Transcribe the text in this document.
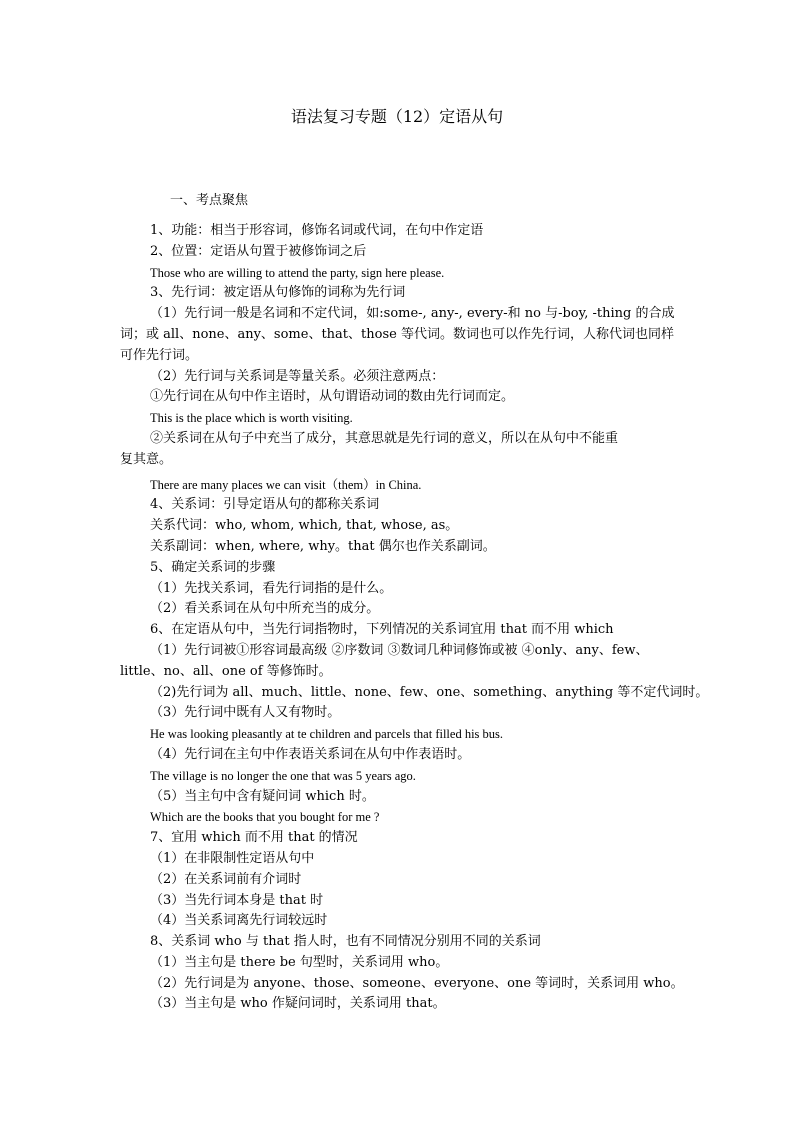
语法复习专题（12）定语从句
一、考点聚焦

1、功能：相当于形容词，修饰名词或代词，在句中作定语

2、位置：定语从句置于被修饰词之后

Those who are willing to attend the party, sign here please.

3、先行词：被定语从句修饰的词称为先行词

（1）先行词一般是名词和不定代词，如:some-, any-, every-和 no 与-boy, -thing 的合成

词；或 all、none、any、some、that、those 等代词。数词也可以作先行词，人称代词也同样

可作先行词。

（2）先行词与关系词是等量关系。必须注意两点：

①先行词在从句中作主语时，从句谓语动词的数由先行词而定。

This is the place which is worth visiting.

②关系词在从句子中充当了成分，其意思就是先行词的意义，所以在从句中不能重

复其意。

There are many places we can visit（them）in China.

4、关系词：引导定语从句的都称关系词

关系代词：who, whom, which, that, whose, as。

关系副词：when, where, why。that 偶尔也作关系副词。

5、确定关系词的步骤

（1）先找关系词，看先行词指的是什么。

（2）看关系词在从句中所充当的成分。

6、在定语从句中，当先行词指物时，下列情况的关系词宜用 that 而不用 which

（1）先行词被①形容词最高级 ②序数词 ③数词几种词修饰或被 ④only、any、few、

little、no、all、one of 等修饰时。

（2)先行词为 all、much、little、none、few、one、something、anything 等不定代词时。

（3）先行词中既有人又有物时。

He was looking pleasantly at te children and parcels that filled his bus.

（4）先行词在主句中作表语关系词在从句中作表语时。

The village is no longer the one that was 5 years ago.

（5）当主句中含有疑问词 which 时。

Which are the books that you bought for me ?

7、宜用 which 而不用 that 的情况

（1）在非限制性定语从句中

（2）在关系词前有介词时

（3）当先行词本身是 that 时

（4）当关系词离先行词较远时

8、关系词 who 与 that 指人时，也有不同情况分别用不同的关系词

（1）当主句是 there be 句型时，关系词用 who。

（2）先行词是为 anyone、those、someone、everyone、one 等词时，关系词用 who。

（3）当主句是 who 作疑问词时，关系词用 that。
